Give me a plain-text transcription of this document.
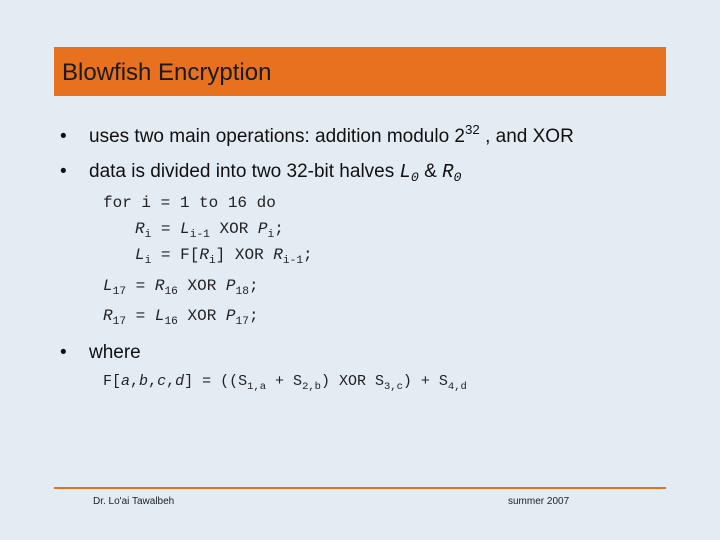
Blowfish Encryption
• uses two main operations: addition modulo $2^{32}$ , and XOR
• data is divided into two 32-bit halves $L_0$ & $R_0$
for i = 1 to 16 do
$R_i = L_{i-1}$ XOR $P_i$;
$L_i = F[R_i]$ XOR $R_{i-1}$;
$L_{17} = R_{16}$ XOR $P_{18}$;
$R_{17} = L_{16}$ XOR $P_{17}$;
• where
$F[a,b,c,d] = ((S_{1,a} + S_{2,b})$ XOR $S_{3,c}) + S_{4,d}$
Dr. Lo'ai Tawalbeh	summer 2007
